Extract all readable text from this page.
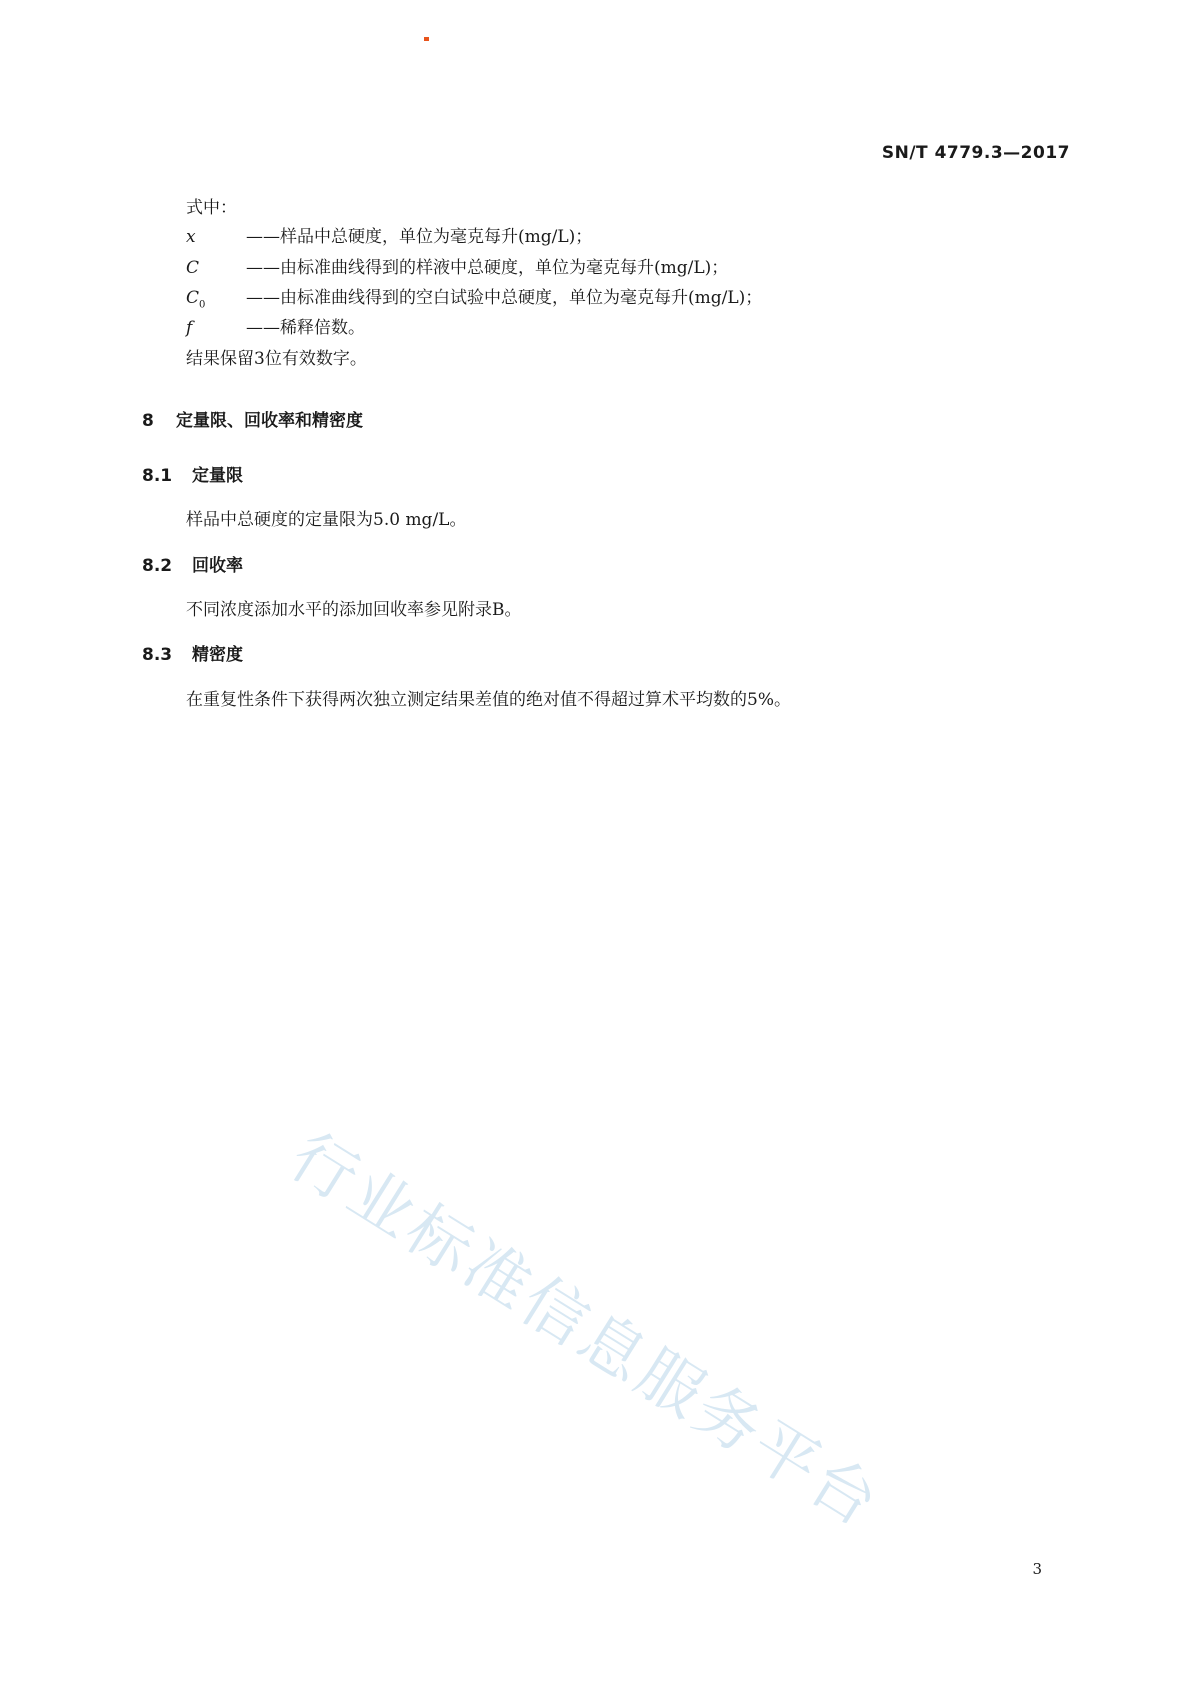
SN/T 4779.3—2017
式中：
x	——样品中总硬度，单位为毫克每升(mg/L)；
C	——由标准曲线得到的样液中总硬度，单位为毫克每升(mg/L)；
$C_0$ ——由标准曲线得到的空白试验中总硬度，单位为毫克每升(mg/L)；
f	——稀释倍数。
结果保留3位有效数字。
8 定量限、回收率和精密度
8.1 定量限
样品中总硬度的定量限为5.0 mg/L。
8.2 回收率
不同浓度添加水平的添加回收率参见附录B。
8.3 精密度
在重复性条件下获得两次独立测定结果差值的绝对值不得超过算术平均数的5%。
行业标准信息服务平台
3
